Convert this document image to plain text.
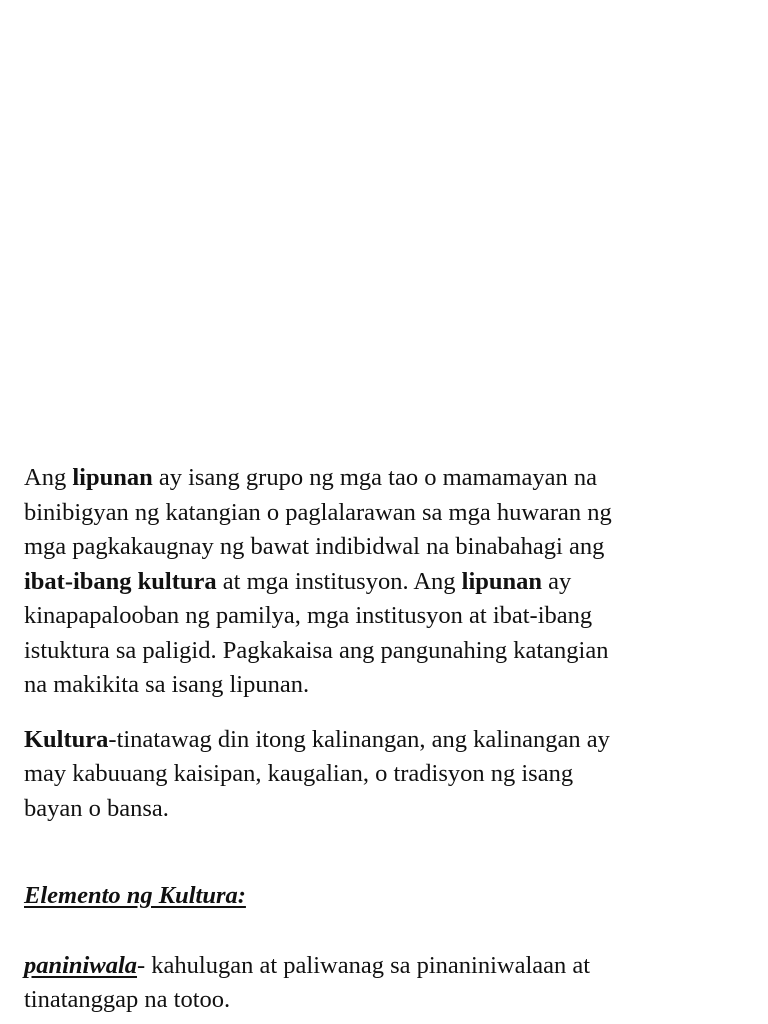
Ang lipunan ay isang grupo ng mga tao o mamamayan na
binibigyan ng katangian o paglalarawan sa mga huwaran ng
mga pagkakaugnay ng bawat indibidwal na binabahagi ang
ibat-ibang kultura at mga institusyon. Ang lipunan ay
kinapapalooban ng pamilya, mga institusyon at ibat-ibang
istuktura sa paligid. Pagkakaisa ang pangunahing katangian
na makikita sa isang lipunan.
Kultura-tinatawag din itong kalinangan, ang kalinangan ay
may kabuuang kaisipan, kaugalian, o tradisyon ng isang
bayan o bansa.
Elemento ng Kultura:
paniniwala- kahulugan at paliwanag sa pinaniniwalaan at
tinatanggap na totoo.
